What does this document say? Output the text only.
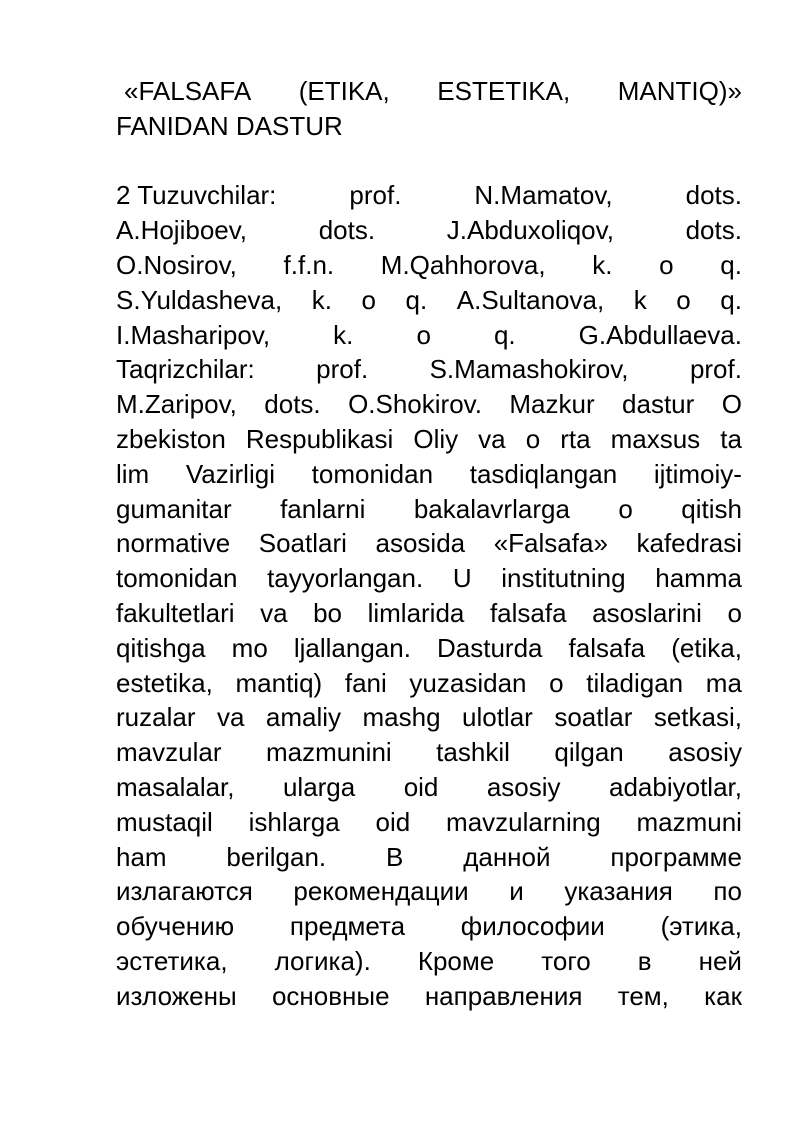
«FALSAFA (ETIKA, ESTETIKA, MANTIQ)»
FANIDAN DASTUR
2 Tuzuvchilar:	prof.	N.Mamatov,	dots.
A.Hojiboev,	dots.	J.Abduxoliqov,	dots.
O.Nosirov, f.f.n. M.Qahhorova, k. o q.
S.Yuldasheva, k. o q. A.Sultanova, k o q.
I.Masharipov, k. o q. G.Abdullaeva.
Taqrizchilar: prof. S.Mamashokirov, prof.
M.Zaripov, dots. O.Shokirov. Mazkur dastur O
zbekiston Respublikasi Oliy va o rta maxsus ta
lim Vazirligi tomonidan tasdiqlangan ijtimoiy-
gumanitar fanlarni bakalavrlarga o qitish
normative Soatlari asosida «Falsafa» kafedrasi
tomonidan tayyorlangan. U institutning hamma
fakultetlari va bo limlarida falsafa asoslarini o
qitishga mo ljallangan. Dasturda falsafa (etika,
estetika, mantiq) fani yuzasidan o tiladigan ma
ruzalar va amaliy mashg ulotlar soatlar setkasi,
mavzular mazmunini tashkil qilgan asosiy
masalalar, ularga oid asosiy adabiyotlar,
mustaqil ishlarga oid mavzularning mazmuni
ham berilgan. В данной программе
излагаются рекомендации и указания по
обучению предмета философии (этика,
эстетика, логика). Кроме того в ней
изложены основные направления тем, как
